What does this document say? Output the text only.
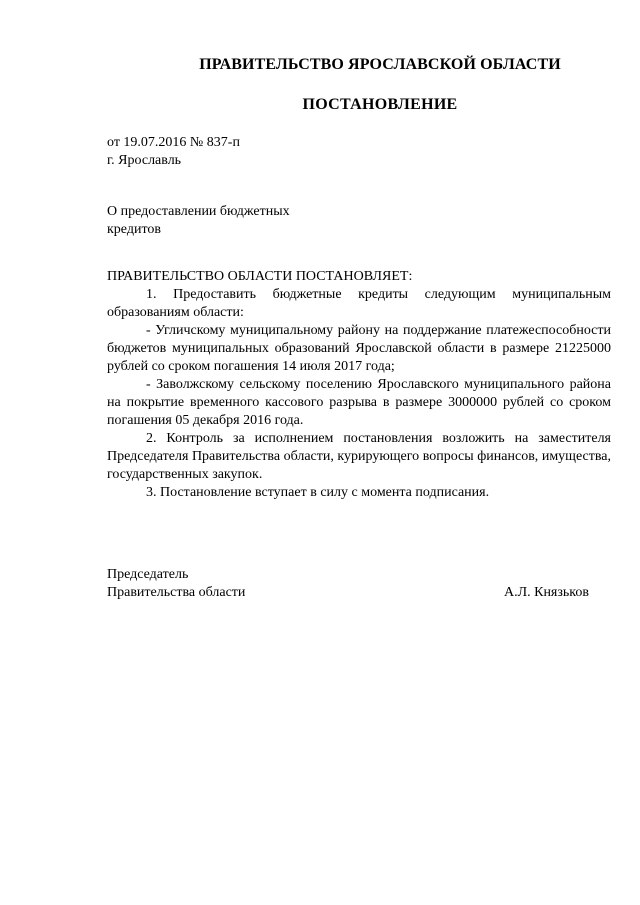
ПРАВИТЕЛЬСТВО ЯРОСЛАВСКОЙ ОБЛАСТИ
ПОСТАНОВЛЕНИЕ
от 19.07.2016 № 837-п
г. Ярославль
О предоставлении бюджетных
кредитов

ПРАВИТЕЛЬСТВО ОБЛАСТИ ПОСТАНОВЛЯЕТ:

1. Предоставить бюджетные кредиты следующим муниципальным образованиям области:

- Угличскому муниципальному району на поддержание платежеспособности бюджетов муниципальных образований Ярославской области в размере 21225000 рублей со сроком погашения 14 июля 2017 года;

- Заволжскому сельскому поселению Ярославского муниципального района на покрытие временного кассового разрыва в размере 3000000 рублей со сроком погашения 05 декабря 2016 года.

2. Контроль за исполнением постановления возложить на заместителя Председателя Правительства области, курирующего вопросы финансов, имущества, государственных закупок.

3. Постановление вступает в силу с момента подписания.

Председатель
Правительства области	А.Л. Князьков
